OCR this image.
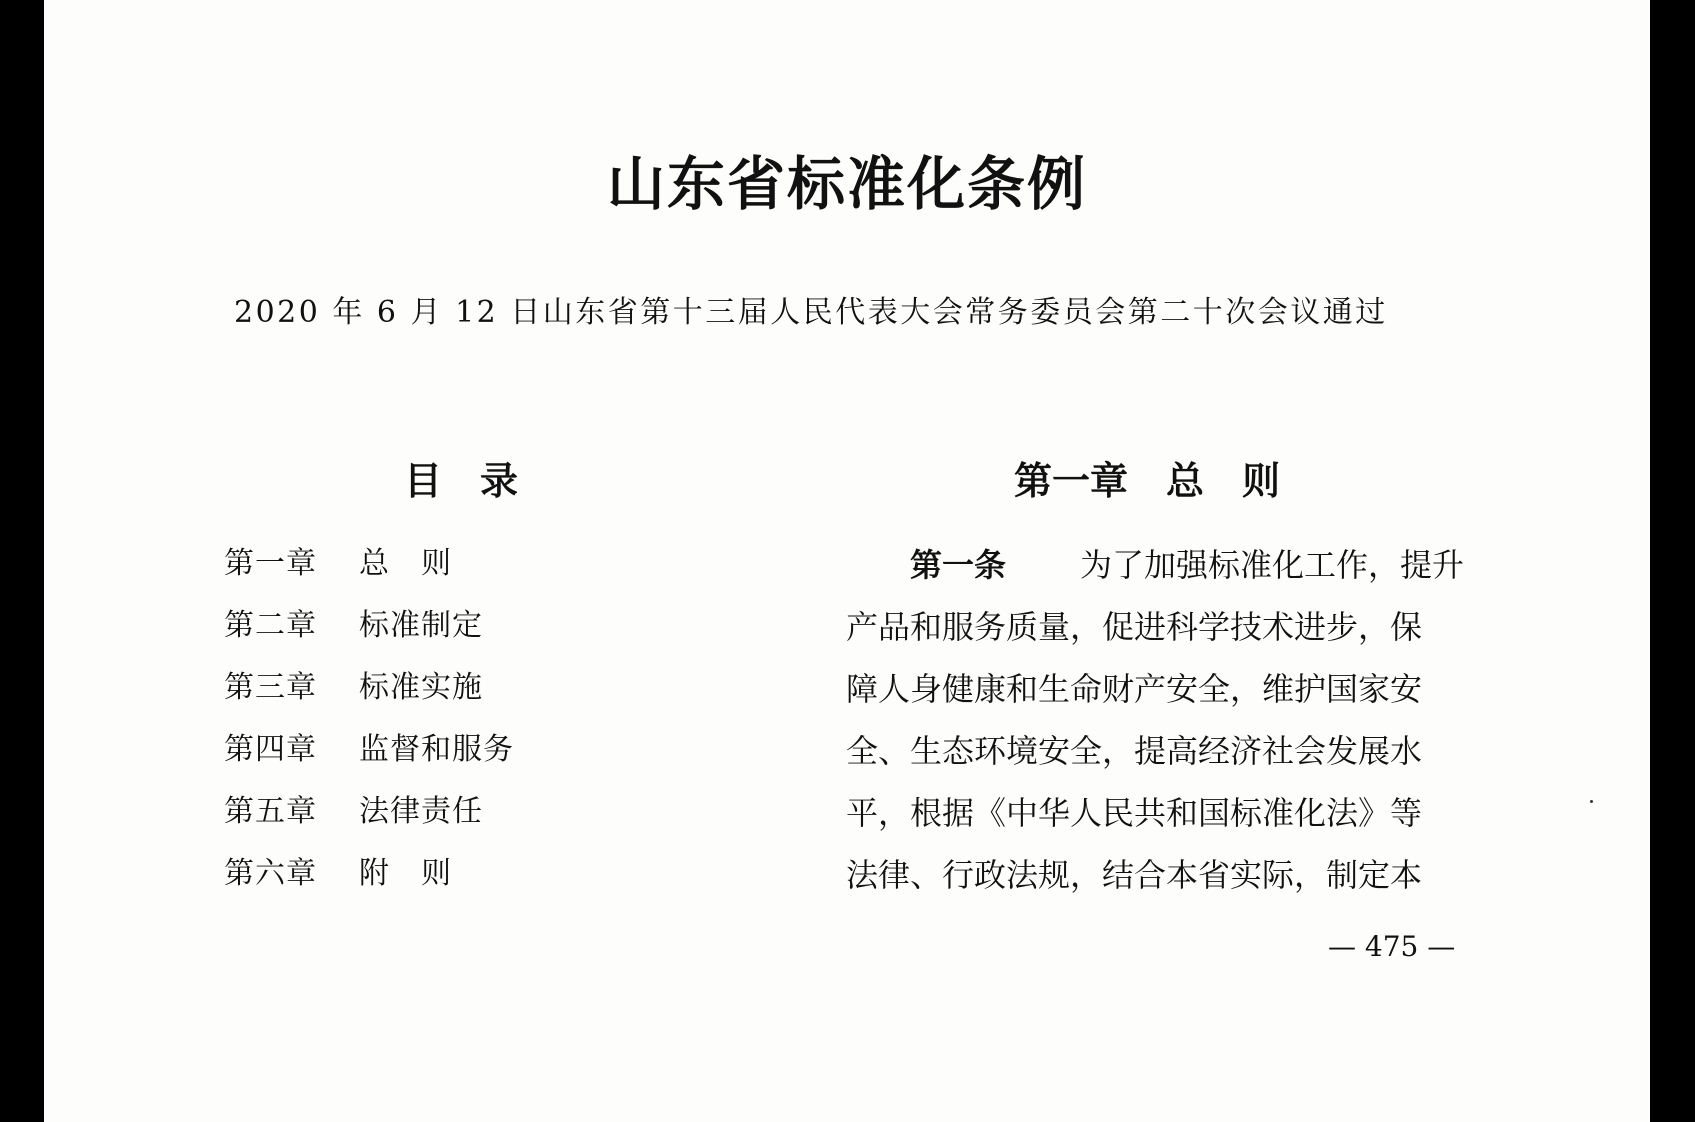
山东省标准化条例
2020 年 6 月 12 日山东省第十三届人民代表大会常务委员会第二十次会议通过
目 录
第一章 总　则
第二章 标准制定
第三章 标准实施
第四章 监督和服务
第五章 法律责任
第六章 附　则
第一章 总　则
第一条	为了加强标准化工作，提升
产品和服务质量，促进科学技术进步，保
障人身健康和生命财产安全，维护国家安
全、生态环境安全，提高经济社会发展水
平，根据《中华人民共和国标准化法》等
法律、行政法规，结合本省实际，制定本
— 475 —
